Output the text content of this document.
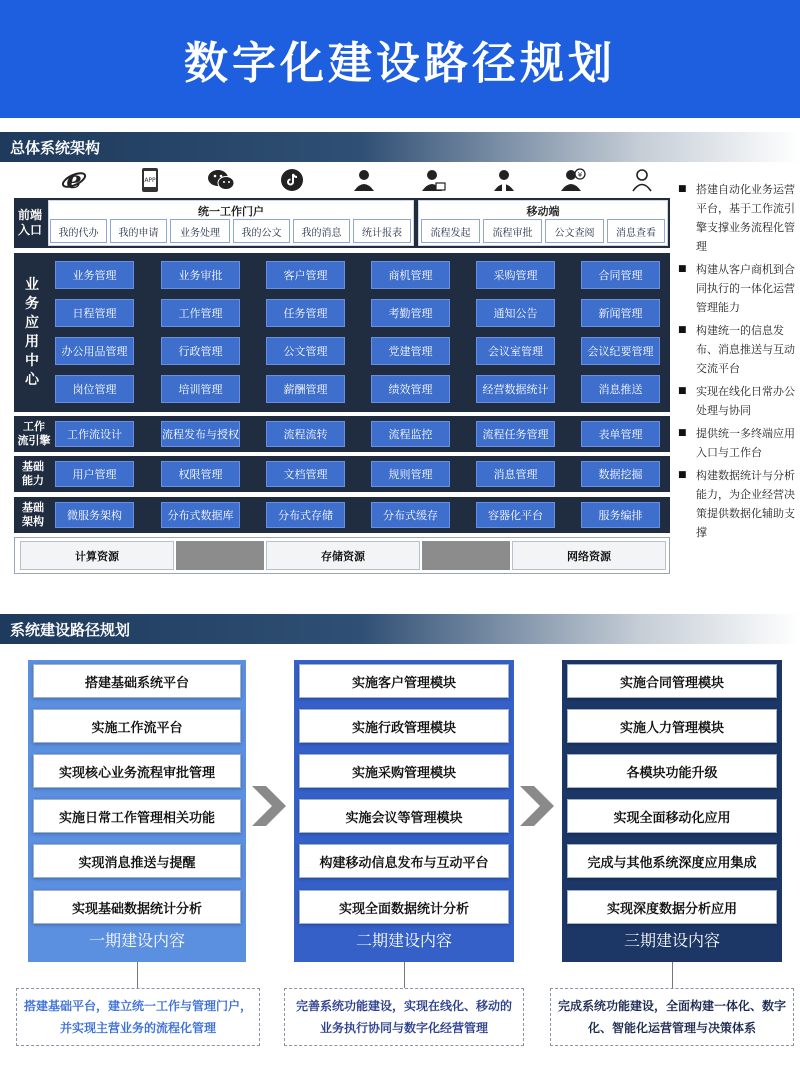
数字化建设路径规划
总体系统架构
e	APP
¥
前端
入口
统一工作门户
我的代办	我的申请	业务处理	我的公文	我的消息	统计报表
移动端
流程发起	流程审批	公文查阅	消息查看
业
务
应
用
中
心
业务管理	业务审批	客户管理	商机管理	采购管理	合同管理
日程管理	工作管理	任务管理	考勤管理	通知公告	新闻管理
办公用品管理	行政管理	公文管理	党建管理	会议室管理	会议纪要管理
岗位管理	培训管理	薪酬管理	绩效管理	经营数据统计	消息推送
工作
流引擎	工作流设计	流程发布与授权	流程流转	流程监控	流程任务管理	表单管理
基础
能力	用户管理	权限管理	文档管理	规则管理	消息管理	数据挖掘
基础
架构	微服务架构	分布式数据库	分布式存储	分布式缓存	容器化平台	服务编排
计算资源	存储资源	网络资源
■ 搭建自动化业务运营平台，基于工作流引擎支撑业务流程化管理
■ 构建从客户商机到合同执行的一体化运营管理能力
■ 构建统一的信息发布、消息推送与互动交流平台
■ 实现在线化日常办公处理与协同
■ 提供统一多终端应用入口与工作台
■ 构建数据统计与分析能力，为企业经营决策提供数据化辅助支撑
系统建设路径规划
搭建基础系统平台
实施工作流平台
实现核心业务流程审批管理
实施日常工作管理相关功能
实现消息推送与提醒
实现基础数据统计分析
一期建设内容
实施客户管理模块
实施行政管理模块
实施采购管理模块
实施会议等管理模块
构建移动信息发布与互动平台
实现全面数据统计分析
二期建设内容
实施合同管理模块
实施人力管理模块
各模块功能升级
实现全面移动化应用
完成与其他系统深度应用集成
实现深度数据分析应用
三期建设内容
搭建基础平台，建立统一工作与管理门户，并实现主营业务的流程化管理
完善系统功能建设，实现在线化、移动的业务执行协同与数字化经营管理
完成系统功能建设，全面构建一体化、数字化、智能化运营管理与决策体系
